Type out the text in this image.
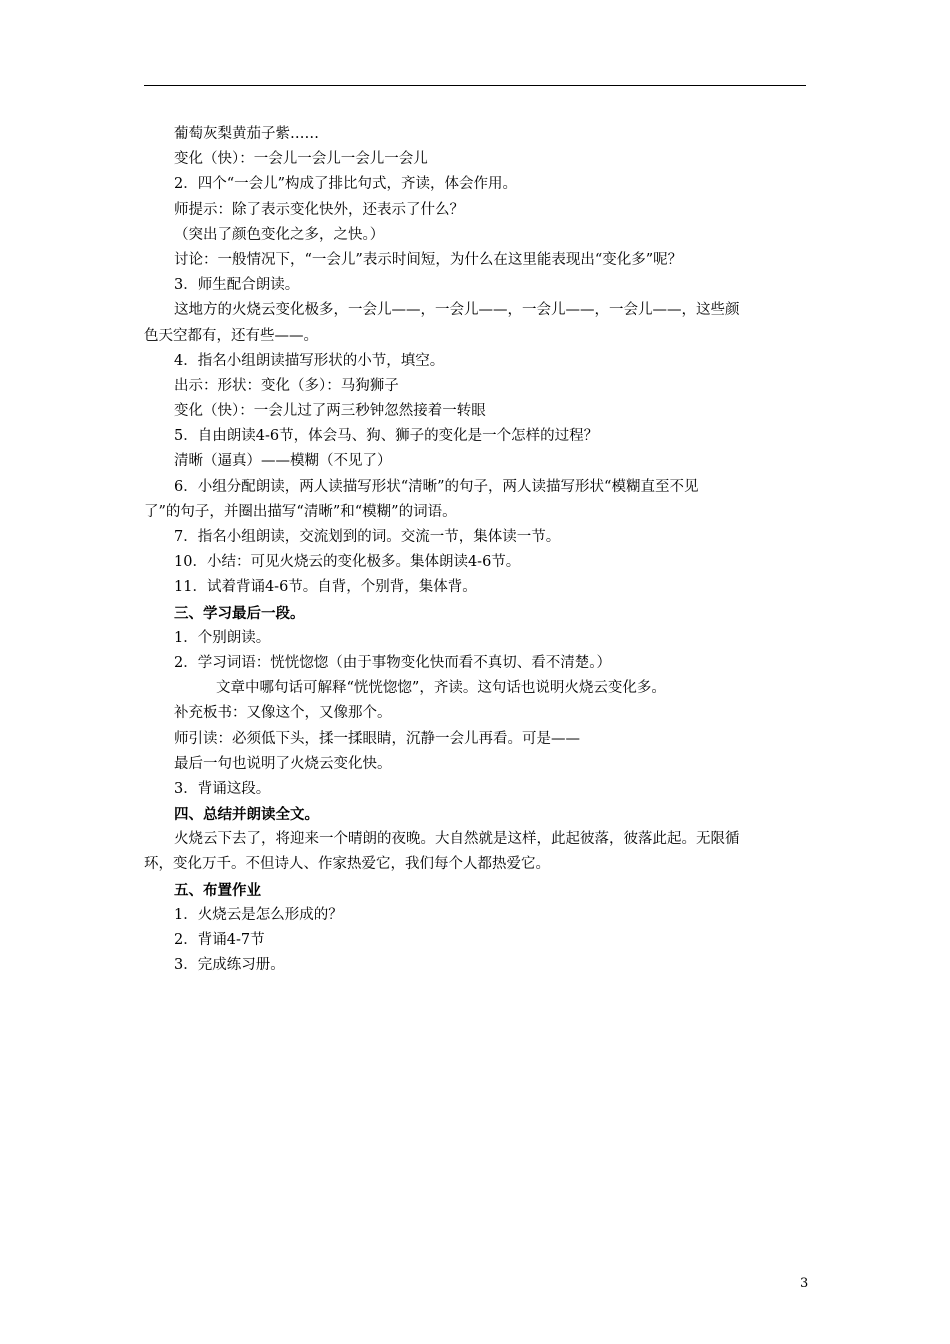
葡萄灰梨黄茄子紫……
变化（快）：一会儿一会儿一会儿一会儿
2．四个“一会儿”构成了排比句式，齐读，体会作用。
师提示：除了表示变化快外，还表示了什么？
（突出了颜色变化之多，之快。）
讨论：一般情况下，“一会儿”表示时间短，为什么在这里能表现出“变化多”呢？
3．师生配合朗读。
这地方的火烧云变化极多，一会儿——，一会儿——，一会儿——，一会儿——，这些颜
色天空都有，还有些——。
4．指名小组朗读描写形状的小节，填空。
出示：形状：变化（多）：马狗狮子
变化（快）：一会儿过了两三秒钟忽然接着一转眼
5．自由朗读4-6节，体会马、狗、狮子的变化是一个怎样的过程？
清晰（逼真）——模糊（不见了）
6．小组分配朗读，两人读描写形状“清晰”的句子，两人读描写形状“模糊直至不见
了”的句子，并圈出描写“清晰”和“模糊”的词语。
7．指名小组朗读，交流划到的词。交流一节，集体读一节。
10．小结：可见火烧云的变化极多。集体朗读4-6节。
11．试着背诵4-6节。自背，个别背，集体背。
三、学习最后一段。
1．个别朗读。
2．学习词语：恍恍惚惚（由于事物变化快而看不真切、看不清楚。）
文章中哪句话可解释“恍恍惚惚”，齐读。这句话也说明火烧云变化多。
补充板书：又像这个，又像那个。
师引读：必须低下头，揉一揉眼睛，沉静一会儿再看。可是——
最后一句也说明了火烧云变化快。
3．背诵这段。
四、总结并朗读全文。
火烧云下去了，将迎来一个晴朗的夜晚。大自然就是这样，此起彼落，彼落此起。无限循
环，变化万千。不但诗人、作家热爱它，我们每个人都热爱它。
五、布置作业
1．火烧云是怎么形成的？
2．背诵4-7节
3．完成练习册。
3
